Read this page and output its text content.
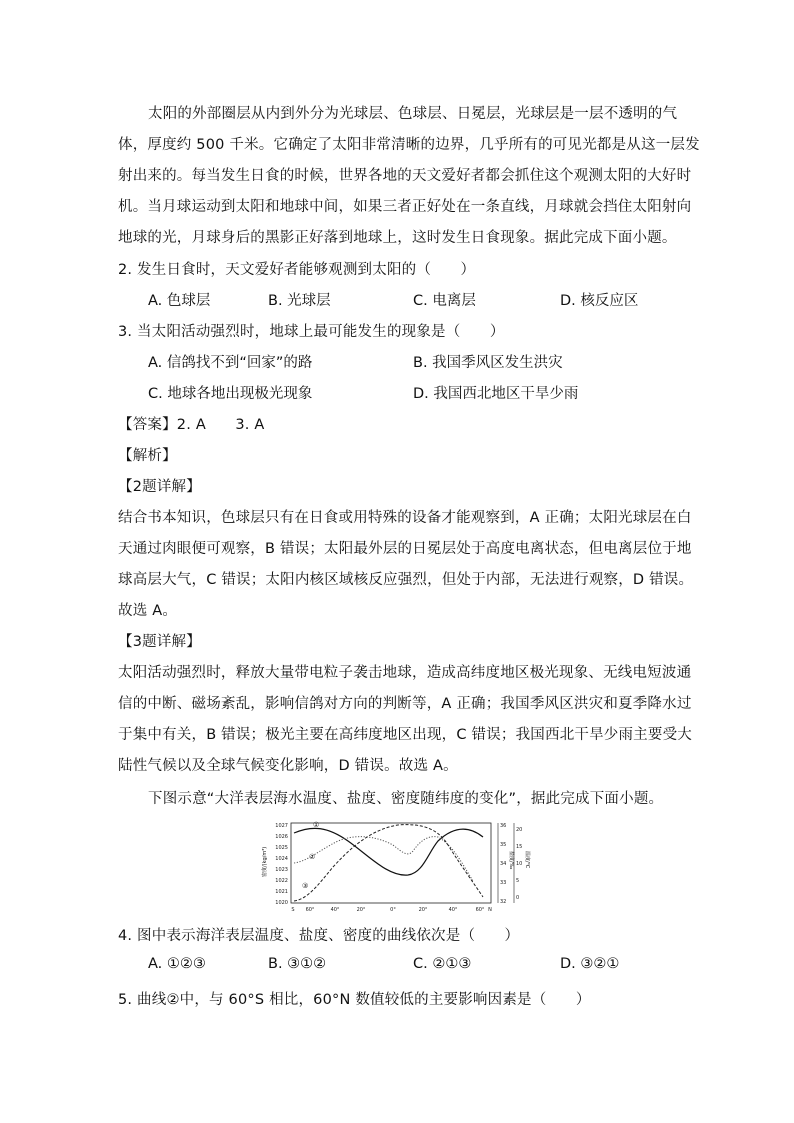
太阳的外部圈层从内到外分为光球层、色球层、日冕层，光球层是一层不透明的气
体，厚度约 500 千米。它确定了太阳非常清晰的边界，几乎所有的可见光都是从这一层发
射出来的。每当发生日食的时候，世界各地的天文爱好者都会抓住这个观测太阳的大好时
机。当月球运动到太阳和地球中间，如果三者正好处在一条直线，月球就会挡住太阳射向
地球的光，月球身后的黑影正好落到地球上，这时发生日食现象。据此完成下面小题。
2. 发生日食时，天文爱好者能够观测到太阳的（　　）
A. 色球层	B. 光球层	C. 电离层	D. 核反应区
3. 当太阳活动强烈时，地球上最可能发生的现象是（　　）
A. 信鸽找不到“回家”的路	B. 我国季风区发生洪灾
C. 地球各地出现极光现象	D. 我国西北地区干旱少雨
【答案】2. A　　3. A
【解析】
【2题详解】
结合书本知识，色球层只有在日食或用特殊的设备才能观察到，A 正确；太阳光球层在白
天通过肉眼便可观察，B 错误；太阳最外层的日冕层处于高度电离状态，但电离层位于地
球高层大气，C 错误；太阳内核区域核反应强烈，但处于内部，无法进行观察，D 错误。
故选 A。
【3题详解】
太阳活动强烈时，释放大量带电粒子袭击地球，造成高纬度地区极光现象、无线电短波通
信的中断、磁场紊乱，影响信鸽对方向的判断等，A 正确；我国季风区洪灾和夏季降水过
于集中有关，B 错误；极光主要在高纬度地区出现，C 错误；我国西北干旱少雨主要受大
陆性气候以及全球气候变化影响，D 错误。故选 A。
下图示意“大洋表层海水温度、盐度、密度随纬度的变化”，据此完成下面小题。
密度/(kg/m³)
1027
1026
1025
1024
1023
1022
1021
1020
36
35
34
33
32
20
15
10
5
0
盐度/‰ 温度/℃
S 60°	40°	20°	0°	20°	40°	60° N
①
②
③
4. 图中表示海洋表层温度、盐度、密度的曲线依次是（　　）
A. ①②③	B. ③①②	C. ②①③	D. ③②①
5. 曲线②中，与 60°S 相比，60°N 数值较低的主要影响因素是（　　）
